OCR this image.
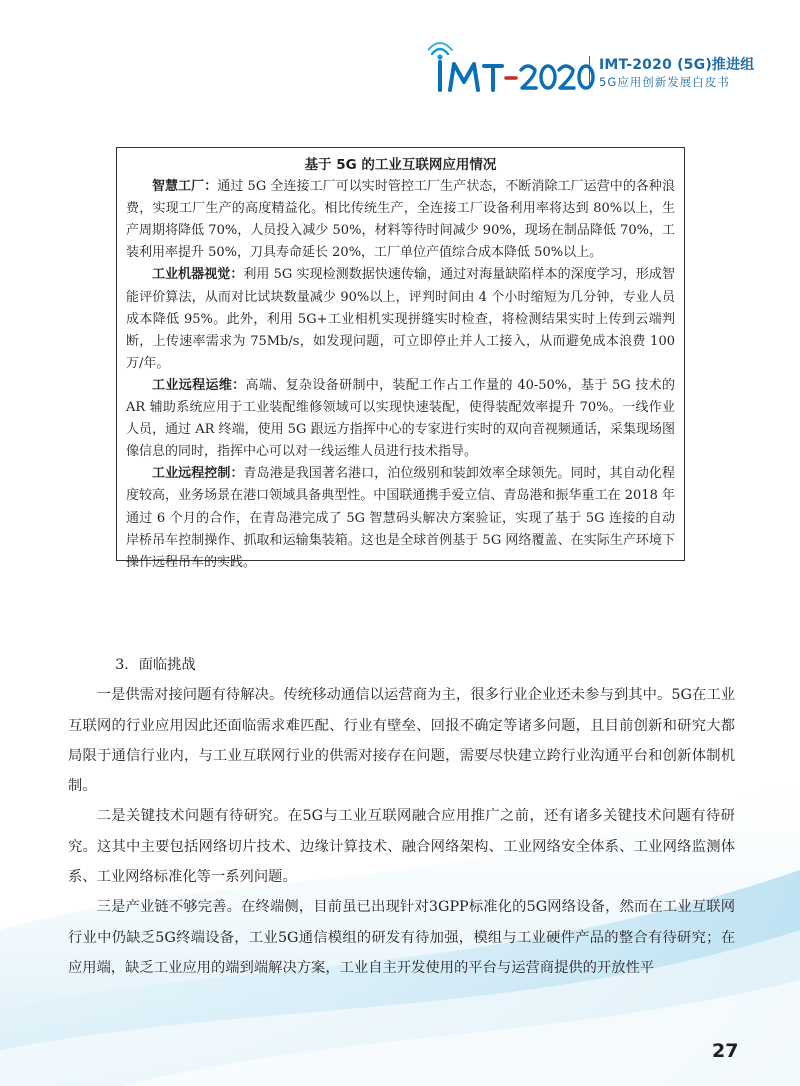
IMT-2020 (5G)推进组
5G应用创新发展白皮书
基于 5G 的工业互联网应用情况

智慧工厂：通过 5G 全连接工厂可以实时管控工厂生产状态，不断消除工厂运营中的各种浪费，实现工厂生产的高度精益化。相比传统生产，全连接工厂设备利用率将达到 80%以上，生产周期将降低 70%，人员投入减少 50%，材料等待时间减少 90%，现场在制品降低 70%，工装利用率提升 50%，刀具寿命延长 20%，工厂单位产值综合成本降低 50%以上。

工业机器视觉：利用 5G 实现检测数据快速传输，通过对海量缺陷样本的深度学习，形成智能评价算法，从而对比试块数量减少 90%以上，评判时间由 4 个小时缩短为几分钟，专业人员成本降低 95%。此外，利用 5G+工业相机实现拼缝实时检查，将检测结果实时上传到云端判断，上传速率需求为 75Mb/s，如发现问题，可立即停止并人工接入，从而避免成本浪费 100 万/年。

工业远程运维：高端、复杂设备研制中，装配工作占工作量的 40-50%，基于 5G 技术的 AR 辅助系统应用于工业装配维修领域可以实现快速装配，使得装配效率提升 70%。一线作业人员，通过 AR 终端，使用 5G 跟远方指挥中心的专家进行实时的双向音视频通话，采集现场图像信息的同时，指挥中心可以对一线运维人员进行技术指导。

工业远程控制：青岛港是我国著名港口，泊位级别和装卸效率全球领先。同时，其自动化程度较高，业务场景在港口领域具备典型性。中国联通携手爱立信、青岛港和振华重工在 2018 年通过 6 个月的合作，在青岛港完成了 5G 智慧码头解决方案验证，实现了基于 5G 连接的自动岸桥吊车控制操作、抓取和运输集装箱。这也是全球首例基于 5G 网络覆盖、在实际生产环境下操作远程吊车的实践。

3．面临挑战

一是供需对接问题有待解决。传统移动通信以运营商为主，很多行业企业还未参与到其中。5G在工业互联网的行业应用因此还面临需求难匹配、行业有壁垒、回报不确定等诸多问题，且目前创新和研究大都局限于通信行业内，与工业互联网行业的供需对接存在问题，需要尽快建立跨行业沟通平台和创新体制机制。

二是关键技术问题有待研究。在5G与工业互联网融合应用推广之前，还有诸多关键技术问题有待研究。这其中主要包括网络切片技术、边缘计算技术、融合网络架构、工业网络安全体系、工业网络监测体系、工业网络标准化等一系列问题。

三是产业链不够完善。在终端侧，目前虽已出现针对3GPP标准化的5G网络设备，然而在工业互联网行业中仍缺乏5G终端设备，工业5G通信模组的研发有待加强，模组与工业硬件产品的整合有待研究；在应用端，缺乏工业应用的端到端解决方案，工业自主开发使用的平台与运营商提供的开放性平

27
